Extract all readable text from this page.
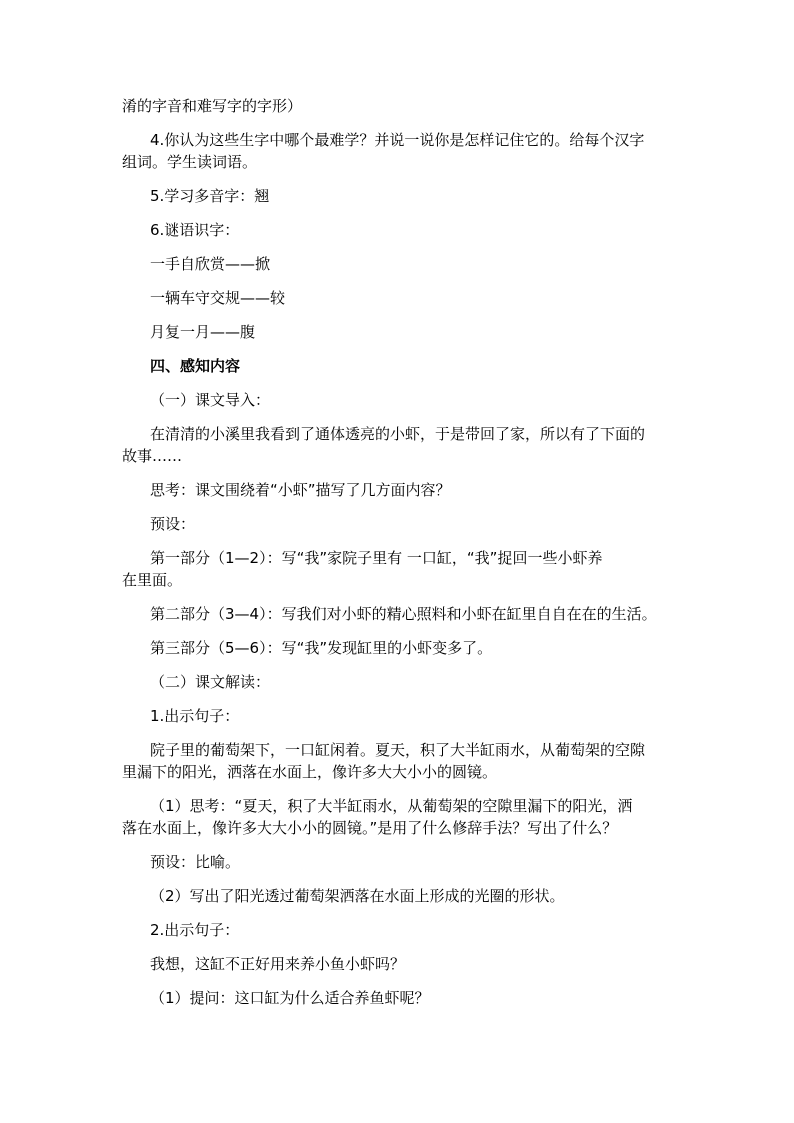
淆的字音和难写字的字形）
4.你认为这些生字中哪个最难学？并说一说你是怎样记住它的。给每个汉字
组词。学生读词语。
5.学习多音字：翘
6.谜语识字：
一手自欣赏——掀
一辆车守交规——较
月复一月——腹
四、感知内容
（一）课文导入：
在清清的小溪里我看到了通体透亮的小虾，于是带回了家，所以有了下面的
故事……
思考：课文围绕着“小虾”描写了几方面内容？
预设：
第一部分（1—2）：写“我”家院子里有 一口缸，“我”捉回一些小虾养
在里面。
第二部分（3—4）：写我们对小虾的精心照料和小虾在缸里自自在在的生活。
第三部分（5—6）：写“我”发现缸里的小虾变多了。
（二）课文解读：
1.出示句子：
院子里的葡萄架下，一口缸闲着。夏天，积了大半缸雨水，从葡萄架的空隙
里漏下的阳光，洒落在水面上，像许多大大小小的圆镜。
（1）思考：“夏天，积了大半缸雨水，从葡萄架的空隙里漏下的阳光，洒
落在水面上，像许多大大小小的圆镜。”是用了什么修辞手法？写出了什么？
预设：比喻。
（2）写出了阳光透过葡萄架洒落在水面上形成的光圈的形状。
2.出示句子：
我想，这缸不正好用来养小鱼小虾吗？
（1）提问：这口缸为什么适合养鱼虾呢？
